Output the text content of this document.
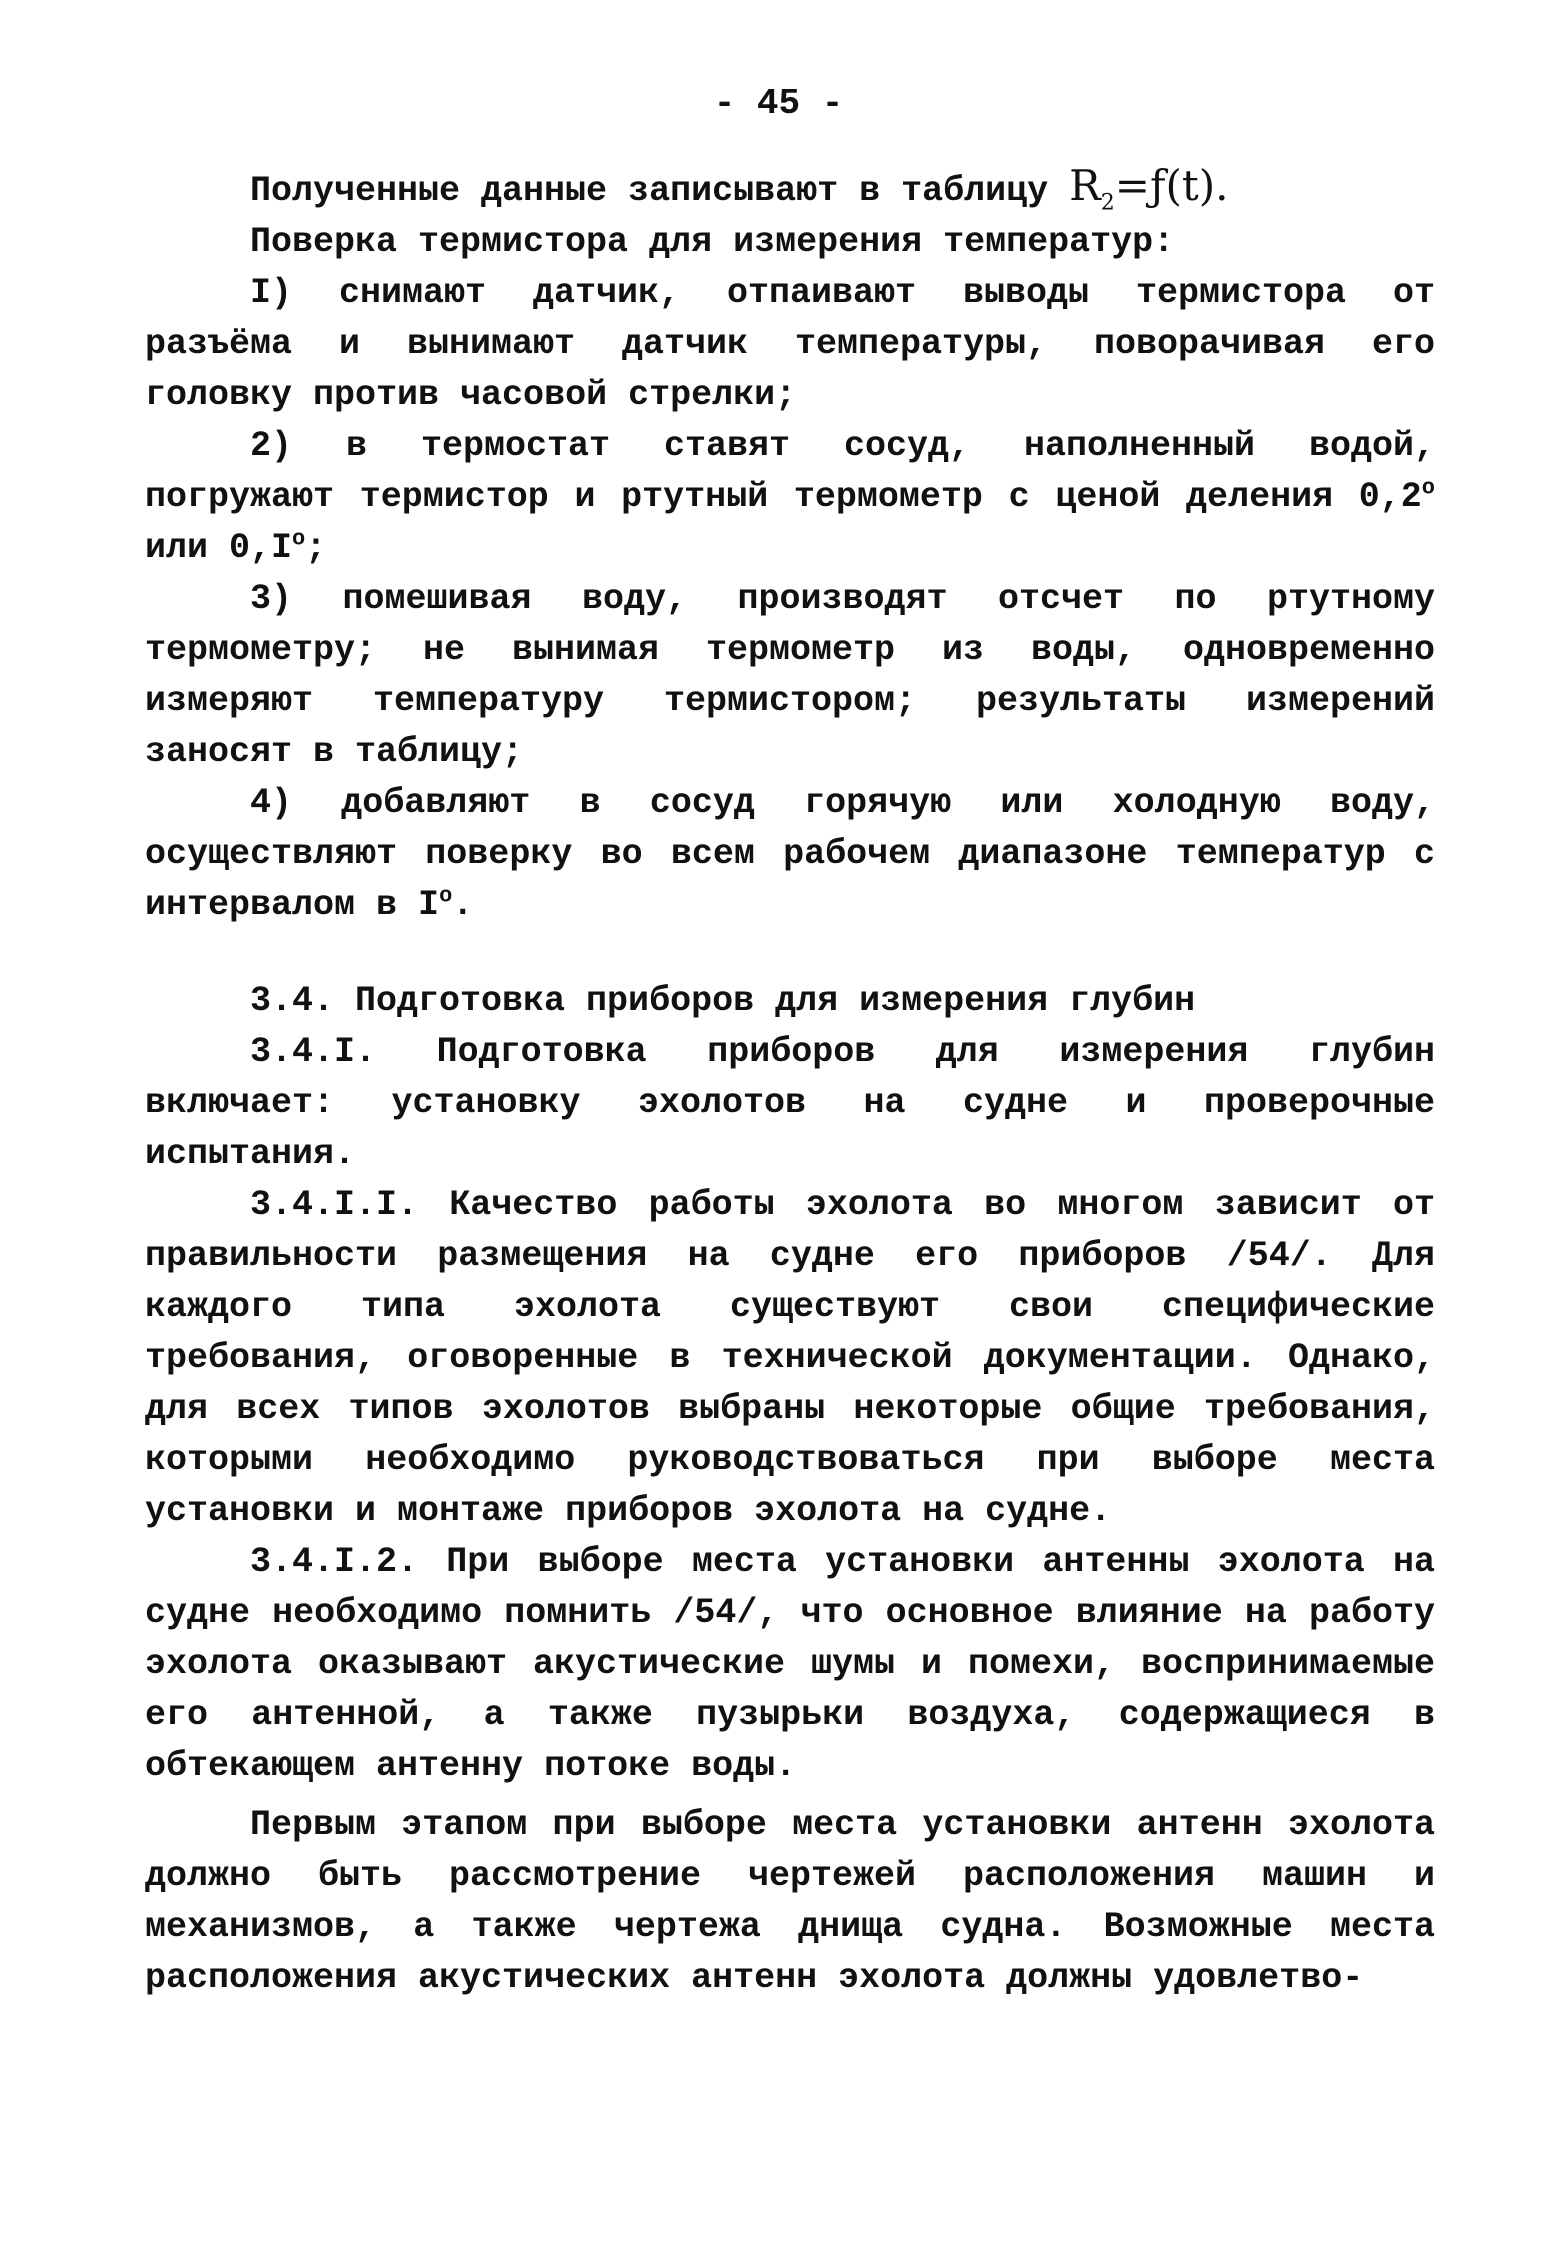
- 45 -

Полученные данные записывают в таблицу $R_2=ƒ(t)$.

Поверка термистора для измерения температур:

I) снимают датчик, отпаивают выводы термистора от разъёма и вынимают датчик температуры, поворачивая его головку против часовой стрелки;

2) в термостат ставят сосуд, наполненный водой, погружают термистор и ртутный термометр с ценой деления $0,2^о$ или $0,I^о$;

3) помешивая воду, производят отсчет по ртутному термометру; не вынимая термометр из воды, одновременно измеряют температуру термистором; результаты измерений заносят в таблицу;

4) добавляют в сосуд горячую или холодную воду, осуществляют поверку во всем рабочем диапазоне температур с интервалом в $I^о$.

3.4. Подготовка приборов для измерения глубин

3.4.I. Подготовка приборов для измерения глубин включает: установку эхолотов на судне и проверочные испытания.

3.4.I.I. Качество работы эхолота во многом зависит от правильности размещения на судне его приборов /54/. Для каждого типа эхолота существуют свои специфические требования, оговоренные в технической документации. Однако, для всех типов эхолотов выбраны некоторые общие требования, которыми необходимо руководствоваться при выборе места установки и монтаже приборов эхолота на судне.

3.4.I.2. При выборе места установки антенны эхолота на судне необходимо помнить /54/, что основное влияние на работу эхолота оказывают акустические шумы и помехи, воспринимаемые его антенной, а также пузырьки воздуха, содержащиеся в обтекающем антенну потоке воды.

Первым этапом при выборе места установки антенн эхолота должно быть рассмотрение чертежей расположения машин и механизмов, а также чертежа днища судна. Возможные места расположения акустических антенн эхолота должны удовлетво-
